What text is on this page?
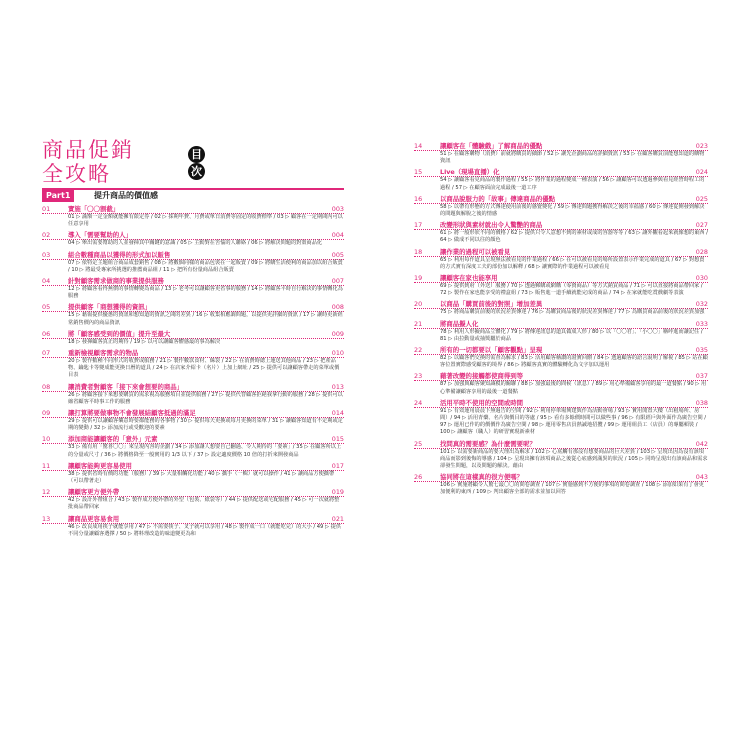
商品促銷
全攻略
目次
Part1	提升商品的價值感
01	實施「〇〇割截」	003
01 ▷ 滿額一定金額就能擁有限定券 / 02 ▷ 採期年費、月費或單日消費等固定的收費標準 / 03 ▷ 顧客在一定期間內可以任意享用
02	導入「需要幫助的人」	004
04 ▷ 舉出需要幫助的人並發揮其中關鍵的意識 / 05 ▷ 主動對在苦惱的人聯絡 / 06 ▷ 將解決問題的對策商品化
03	組合數種商品以獲得的形式加以販售	005
07 ▷ 依特定主題組合商品成套銷售 / 08 ▷ 將數個同樣的商品包裝在一起販賣 / 09 ▷ 將購生活便利的商品加以組合販賣 / 10 ▷ 將最受專家所挑選的推薦商品組 / 11 ▷ 把所有份量商品組合販賣
04	針對顧客需求做商的事業提供服務	007
12 ▷ 將顧客看得無償的事情轉變為商品 / 13 ▷ 老考可以讓顧客更省事的服務 / 14 ▷ 將顧客平時自行解決的事情轉化為服務
05	提供顧客「商想獲得的資訊」	008
15 ▷ 藉報提供優惠的資訊和想知道的資訊之間的差異 / 16 ▷ 收集相應調問題，以提供更詳細的資訊 / 17 ▷ 讓時更新經常銷售價內的商品資訊
06	將「顧客感受到的價值」提升至最大	009
18 ▷ 發揮顧客真正的期待 / 19 ▷ 以可以讓顧客體感最的事為解決
07	重新檢視顧客需求的物品	010
20 ▷ 製作數種不同形式的收費或服務 / 21 ▷ 製作數款食材、絲袋 / 22 ▷ 在消費時總上運送其他商品 / 23 ▷ 把產品物、鑰匙卡等變成能更換日曆的道具 / 24 ▷ 在店家介紹卡（名片）上加上網址 / 25 ▷ 提供可以讓顧客帶走的菜單或價目表
08	讓消費者對顧客「接下來會想要的商品」	013
26 ▷ 將顧客接下來想要購買的需求視為服務項目並提供服務 / 27 ▷ 提供代替顧客拒絕我拿行動的服務 / 28 ▷ 提供可以縮省顧客平時事工作的服務
09	讓打算將要做事物不會發展結顧客抵過的滿足	014
29 ▷ 提供可以讓顧客樂意時要都能務的各事物 / 30 ▷ 提供每天更換或每月更換的菜單 / 31 ▷ 讓顧客知道有不定期或定期的變動 / 32 ▷ 添加流行或受歡迎的要素
10	添加商能讓顧客的「意外」元素	015
33 ▷ 備有用「驚喜〇〇」來呈現內容的企劃 / 34 ▷ 添加讓人想要自己翻過、令人期待的「要素」/ 35 ▷ 在顧客所以上的分量或尺寸 / 36 ▷ 將價格降至一般實用的 1/3 以下 / 37 ▷ 設定適度價格 10 倍的打折來開發商品
11	讓顧客能夠更容易使用	017
38 ▷ 提供省時有價的功能（服務）/ 39 ▷ 大量相觸化功能 / 40 ▷ 攜手（一輯）就可以操作 / 41 ▷ 讓商品方便攜帶（可以帶著走）
12	讓顧客更方便外帶	019
42 ▷ 設計外帶組合 / 43 ▷ 製作成方便外帶的外型（包裝、紙袋等）/ 44 ▷ 提供配送或宅配服務 / 45 ▷ 可一次就將整批商品帶回家
13	讓商品更容易食用	021
46 ▷ 改良成用筷子就能享用 / 47 ▷ 不需要筷子、叉子就可以享用 / 48 ▷ 製作成一口（就能吃完）的大小 / 49 ▷ 提供不同分量讓顧客選擇 / 50 ▷ 將料理改造的味道變更為和
14	讓顧客在「體驗戲」了解商品的優點	023
51 ▷ 在顧客購物（消費）前就將購買的細節 / 52 ▷ 讓先企劃商品的詳細資訊 / 53 ▷ 在顧客購買前能想知道的購物資訊
15	Live（現場直播）化	024
54 ▷ 讓顧客看見商品的製作過程 / 55 ▷ 將作業的過程變成一種表演 / 56 ▷ 讓顧客可以透過參與看見經營時程工的過程 / 57 ▷ 在顧客面前完成最後一道工序
16	以商品說服力的「故事」傳達商品的優點	025
58 ▷ 以帶有形態的方式傳達使用前後的感覺變化 / 59 ▷ 傳達問題獲得解決之後的幸福感 / 60 ▷ 傳達從開發到解決的問題與解脫之後的情感
17	改變形狀與素材就出令人驚艷的商品	027
61 ▷ 將一般形狀不同的價格 / 62 ▷ 提供只令人意想不到的素材或成的容器等等 / 63 ▷ 讓外觀看起來就像想的東西 / 64 ▷ 做成不同以往的顏色
18	讓作業的過程可以被看見	028
65 ▷ 利用每作道具呈現無法被看見的作業過程 / 66 ▷ 在可以被看見的場所設置表示作業完成的道具 / 67 ▷ 對想賣的方式實有深度工夫的部份加以解釋 / 68 ▷ 讓實際的作業過程可以被看見
19	讓顧客在家也能享用	030
69 ▷ 提供到府（外送）服務 / 70 ▷ 透過郵購或網購（零資商品）等方式銷買商品 / 71 ▷ 可以直接將商品帶回家 / 72 ▷ 製作在家也能享受的禮盒組 / 73 ▷ 販售進一道手續就能完成的商品 / 74 ▷ 在家就能吃賞戲劇等表演
20	以商品「購買前後的對照」增加差異	032
75 ▷ 將商品購買前後的狀況差異傳達 / 76 ▷ 為購買商品後的狀況差異傳達 / 77 ▷ 為購買商品前後的狀況差異加強
21	將商品擬人化	033
78 ▷ 利用人形擬商品立體化 / 79 ▷ 將傳達訊息的道具做成人形 / 80 ▷ 以「〇〇君」、「小〇〇」稱呼進而讓記住 / 81 ▷ 由拉動量或抽獎屬於商品
22	所有的一切都要以「顧客觀點」呈現	035
82 ▷ 以顧客們交換的需查為解求 / 83 ▷ 活用顧客稱讚的證實回饋 / 84 ▷ 透過顧客的語言說明了解視 / 85 ▷ 站在顧客位置實際感受顧客的境界 / 86 ▷ 將顧客真實的體驗轉化為文字加以運用
23	藉著改變的接觸都使商得到等	037
87 ▷ 加強與顧客聚知識模的關聯 / 88 ▷ 加強最後的問候（訊息）/ 89 ▷ 用心準備顧客享用的最一道餐點 / 90 ▷ 用心準備讓顧客享用的最後一道餐點
24	活用平時不使用的空間或時間	038
91 ▷ 有效運用晨晨下無過告的空間 / 92 ▷ 利用停車場興建與作為活動會場 / 93 ▷ 實用閒置大樓（出租場所、房間）/ 94 ▷ 活用青藥、名片與價目的等處 / 95 ▷ 看有多餘價時間可以做些事 / 96 ▷ 有限經戶與外面作為廣告空間 / 97 ▷ 運用已作的的價價作為廣告空間 / 98 ▷ 運用零售店員熱誠地招攬 / 99 ▷ 運用組員工（店員）的專屬頓裝 / 100 ▷ 讓顧客（職人）的研習實現新素材
25	找問真的需要感？為什麼需要呢？	042
101 ▷ 以需要新商品的要大理出為解求 / 102 ▷ 心底觸有那沒有想要商品的巨大差異 / 103 ▷ 呈現出因為沒有該項商品而影到後悔的導感 / 104 ▷ 呈現出擁有該項商品之後從心底感到滿異的狀況 / 105 ▷ 同時呈現出有該商品和需求卻發生問題，以及問題的解決。藉由
26	協同將在這樣真的很方便嗎？	043
106 ▷ 實施將顧令人驚七最〇〇的問卷調查 / 107 ▷ 實施感到不方便的事項的問卷調查 / 108 ▷ 添加如果有了會更加便利的東西 / 109 ▷ 判出顧客全部的需求並加以回答
